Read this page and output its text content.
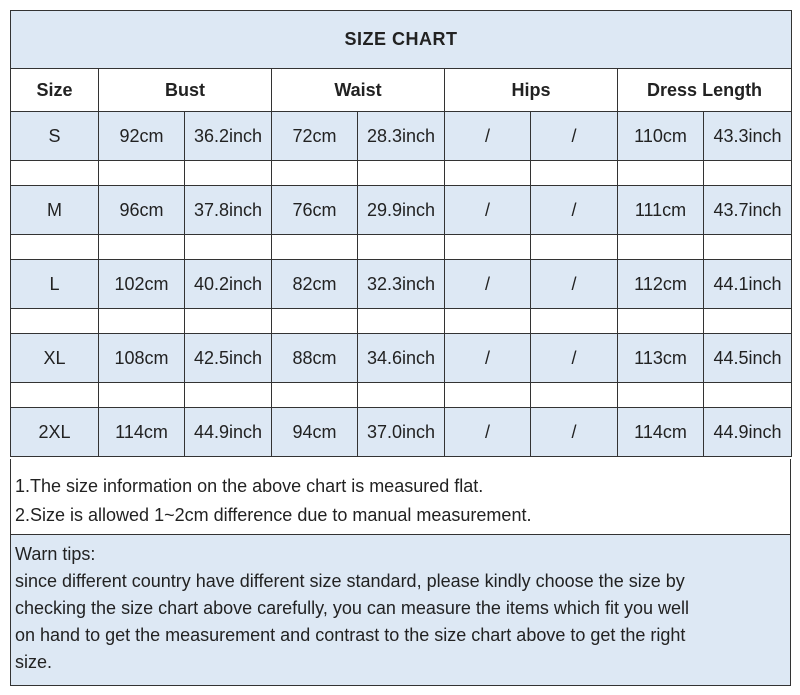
SIZE CHART								
Size	Bust		Waist		Hips		Dress Length	
S	92cm	36.2inch	72cm	28.3inch	/	/	110cm	43.3inch

M	96cm	37.8inch	76cm	29.9inch	/	/	111cm	43.7inch

L	102cm	40.2inch	82cm	32.3inch	/	/	112cm	44.1inch

XL	108cm	42.5inch	88cm	34.6inch	/	/	113cm	44.5inch

2XL	114cm	44.9inch	94cm	37.0inch	/	/	114cm	44.9inch
1.The size information on the above chart is measured flat.
2.Size is allowed 1~2cm difference due to manual measurement.
Warn tips:
since different country have different size standard, please kindly choose the size by
checking the size chart above carefully, you can measure the items which fit you well
on hand to get the measurement and contrast to the size chart above to get the right
size.
